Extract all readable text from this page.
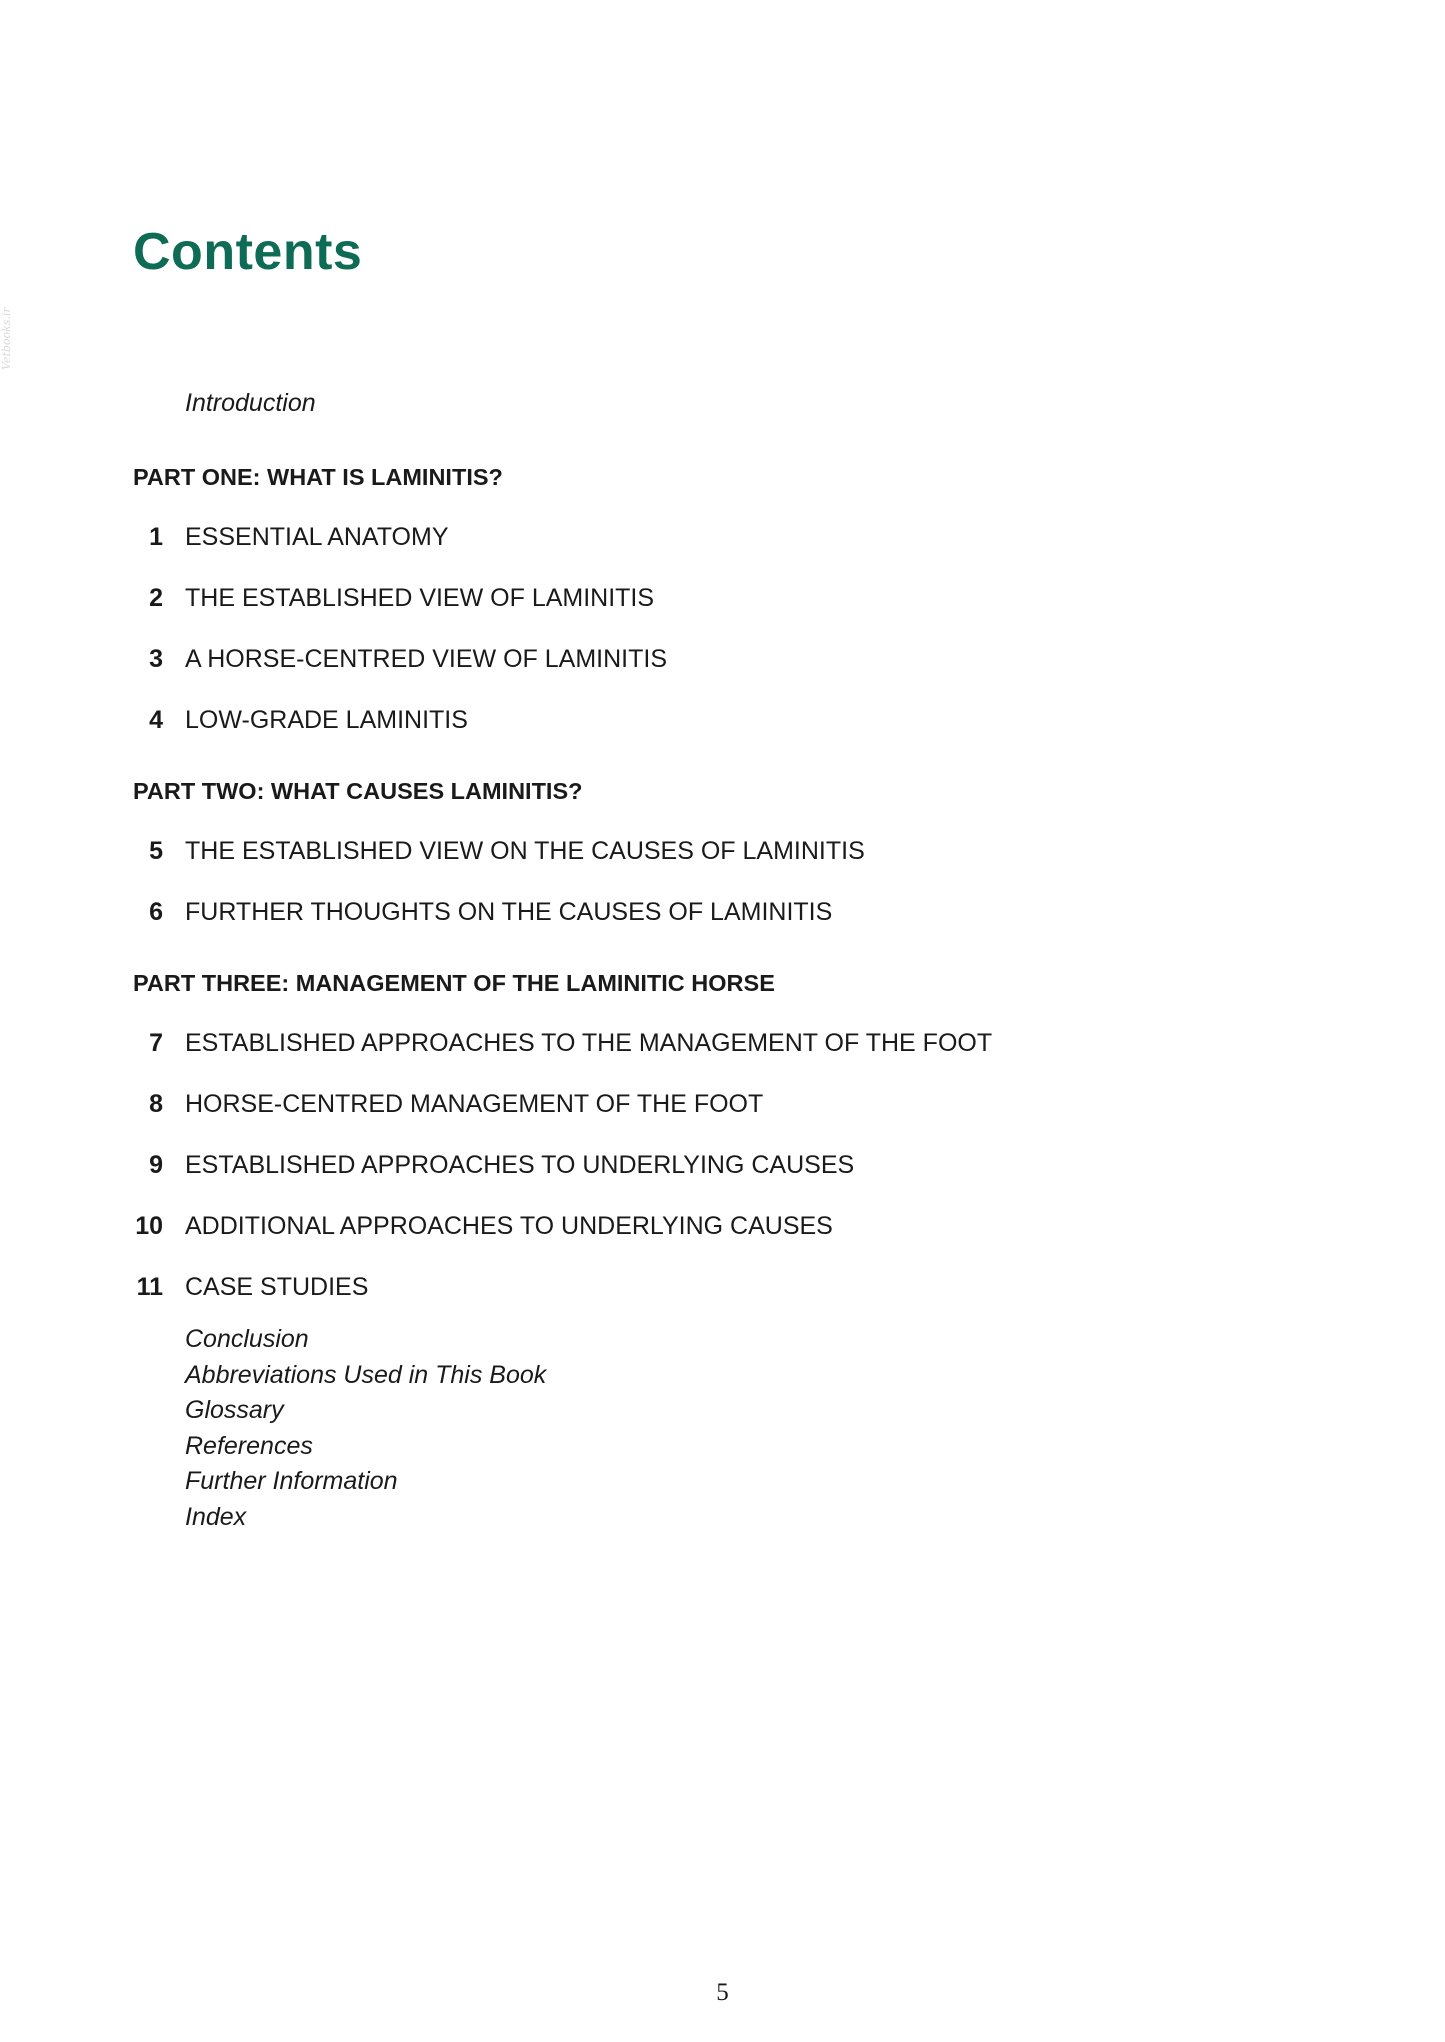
Vetbooks.ir
Contents
Introduction
PART ONE: WHAT IS LAMINITIS?
1 ESSENTIAL ANATOMY
2 THE ESTABLISHED VIEW OF LAMINITIS
3 A HORSE-CENTRED VIEW OF LAMINITIS
4 LOW-GRADE LAMINITIS
PART TWO: WHAT CAUSES LAMINITIS?
5 THE ESTABLISHED VIEW ON THE CAUSES OF LAMINITIS
6 FURTHER THOUGHTS ON THE CAUSES OF LAMINITIS
PART THREE: MANAGEMENT OF THE LAMINITIC HORSE
7 ESTABLISHED APPROACHES TO THE MANAGEMENT OF THE FOOT
8 HORSE-CENTRED MANAGEMENT OF THE FOOT
9 ESTABLISHED APPROACHES TO UNDERLYING CAUSES
10 ADDITIONAL APPROACHES TO UNDERLYING CAUSES
11 CASE STUDIES
Conclusion
Abbreviations Used in This Book
Glossary
References
Further Information
Index
5
